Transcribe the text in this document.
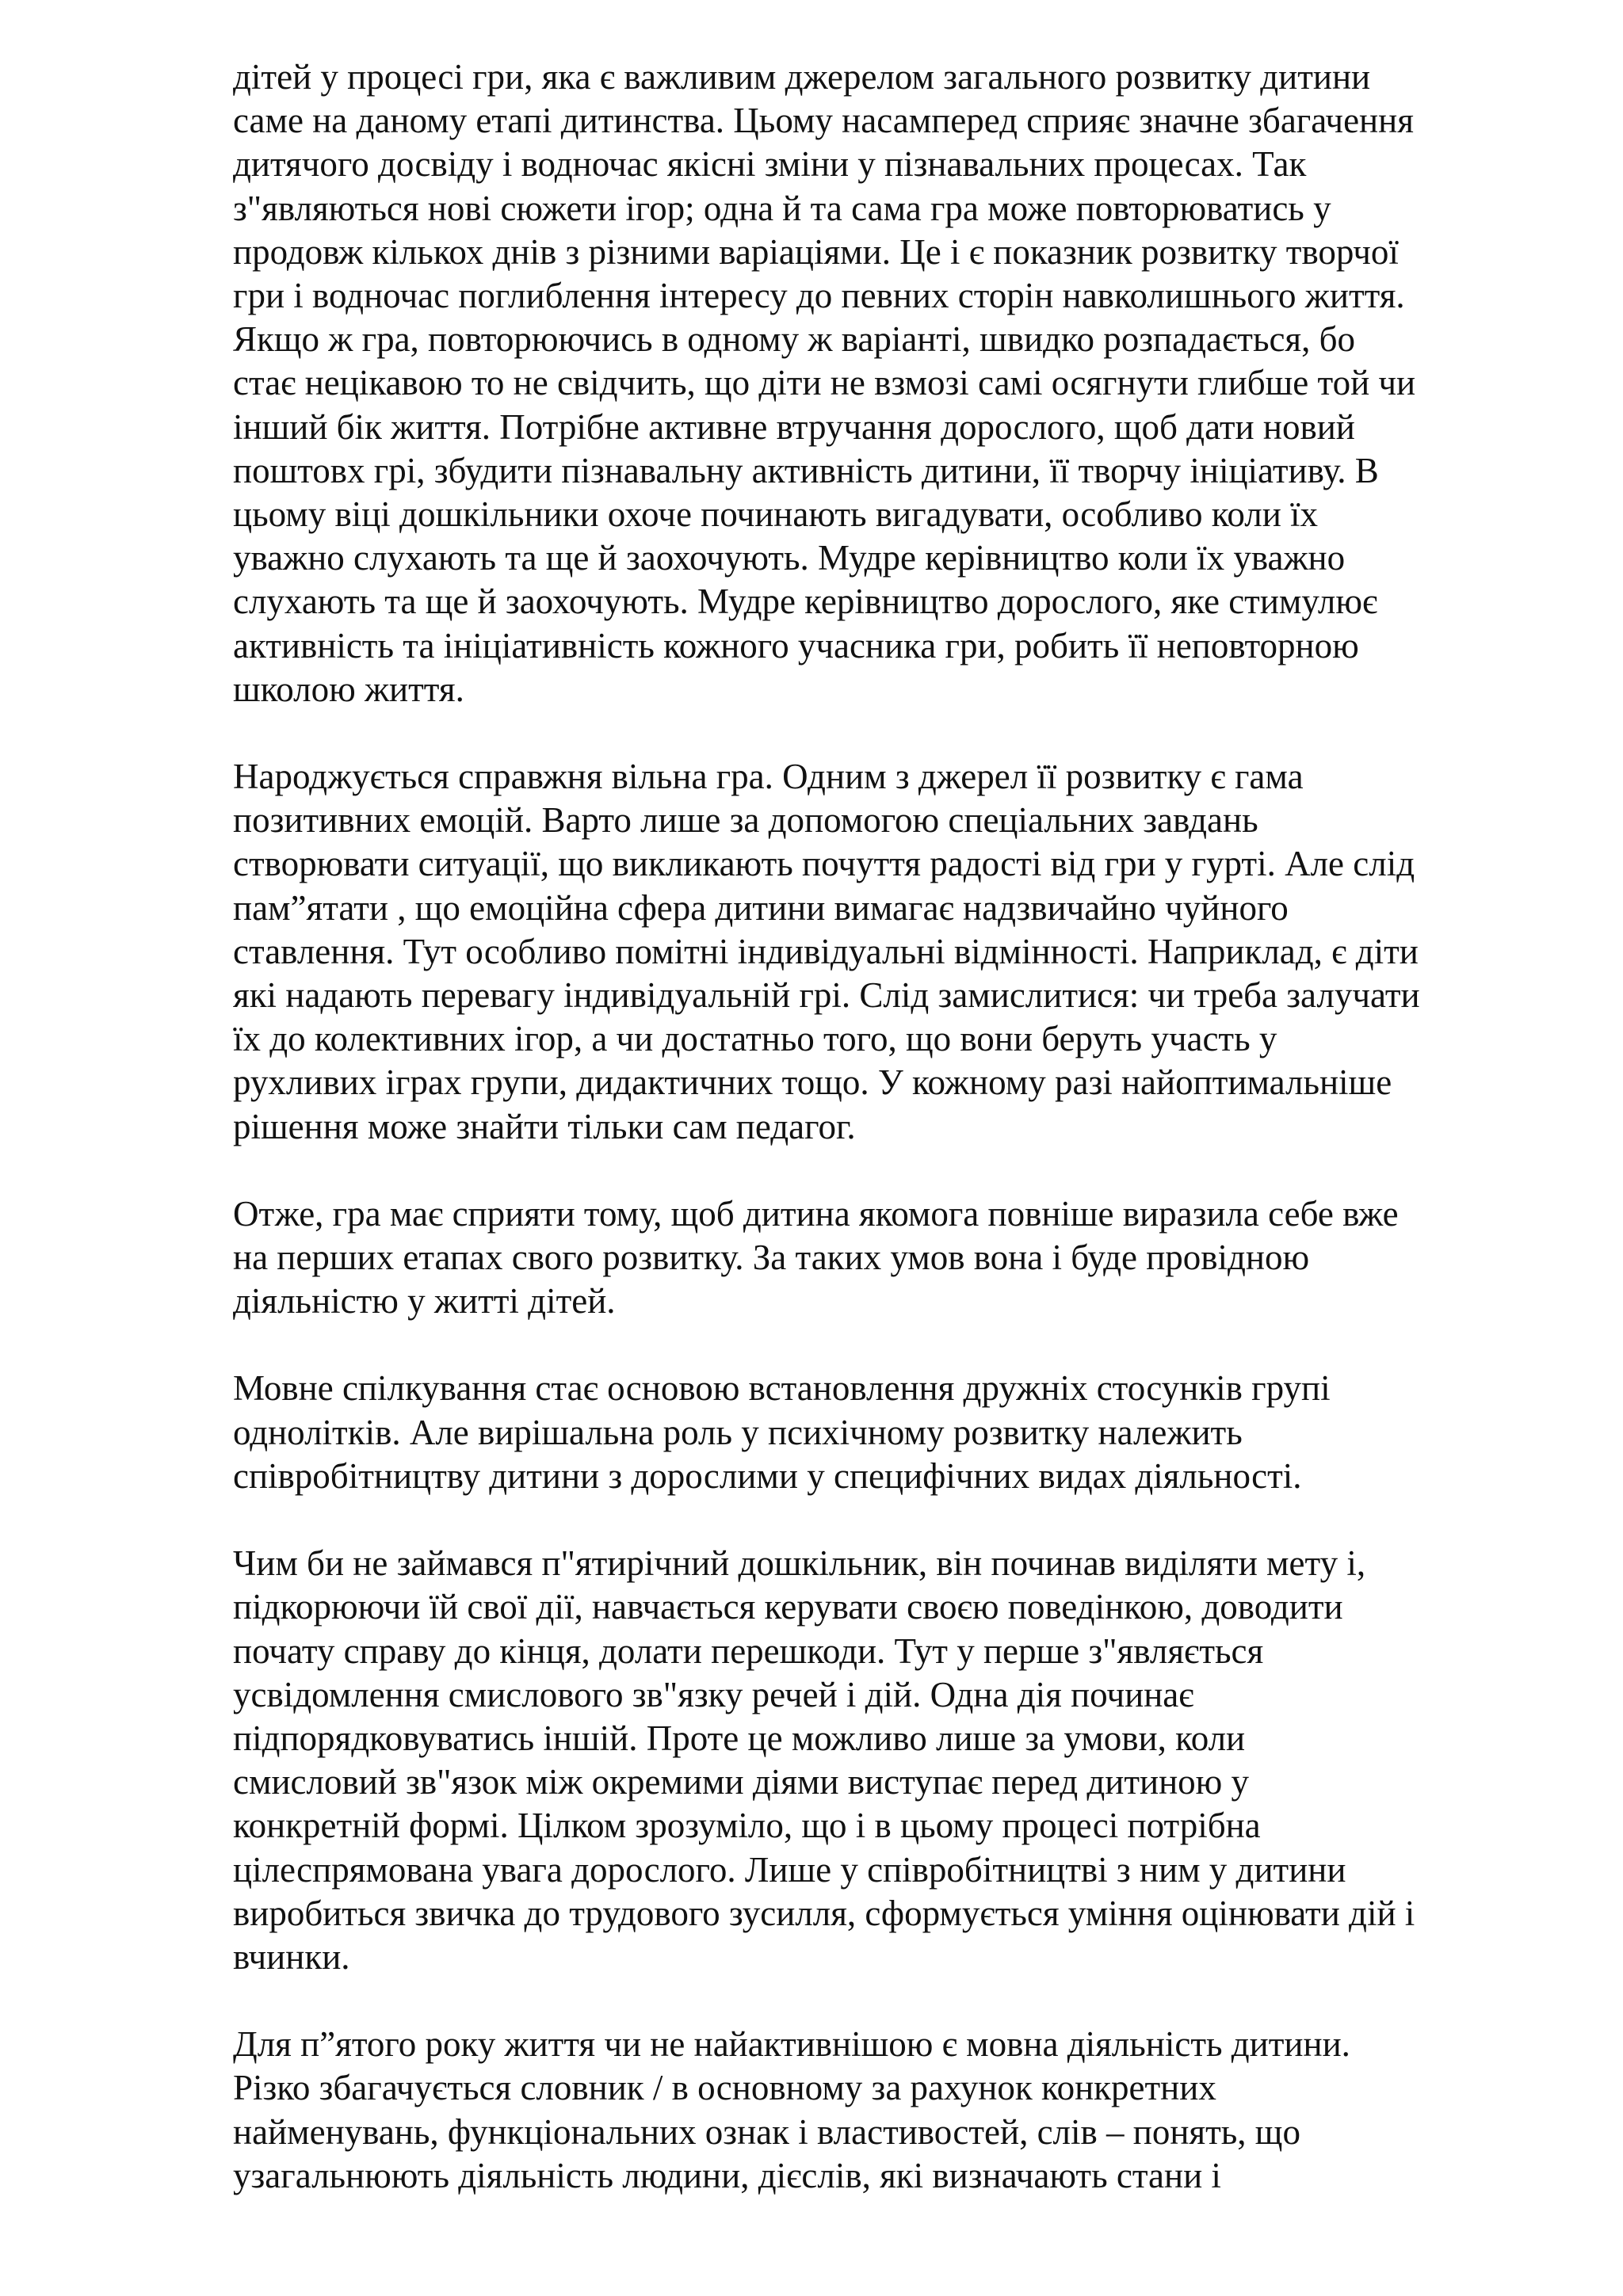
дітей у процесі гри, яка є важливим джерелом загального розвитку дитини
саме на даному етапі дитинства. Цьому насамперед сприяє значне збагачення
дитячого досвіду і водночас якісні зміни у пізнавальних процесах. Так
з"являються нові сюжети ігор; одна й та сама гра може повторюватись у
продовж кількох днів з різними варіаціями. Це і є показник розвитку творчої
гри і водночас поглиблення інтересу до певних сторін навколишнього життя.
Якщо ж гра, повторюючись в одному ж варіанті, швидко розпадається, бо
стає нецікавою то не свідчить, що діти не взмозі самі осягнути глибше той чи
інший бік життя. Потрібне активне втручання дорослого, щоб дати новий
поштовх грі, збудити пізнавальну активність дитини, її творчу ініціативу. В
цьому віці дошкільники охоче починають вигадувати, особливо коли їх
уважно слухають та ще й заохочують. Мудре керівництво коли їх уважно
слухають та ще й заохочують. Мудре керівництво дорослого, яке стимулює
активність та ініціативність кожного учасника гри, робить її неповторною
школою життя.

Народжується справжня вільна гра. Одним з джерел її розвитку є гама
позитивних емоцій. Варто лише за допомогою спеціальних завдань
створювати ситуації, що викликають почуття радості від гри у гурті. Але слід
пам”ятати , що емоційна сфера дитини вимагає надзвичайно чуйного
ставлення. Тут особливо помітні індивідуальні відмінності. Наприклад, є діти
які надають перевагу індивідуальній грі. Слід замислитися: чи треба залучати
їх до колективних ігор, а чи достатньо того, що вони беруть участь у
рухливих іграх групи, дидактичних тощо. У кожному разі найоптимальніше
рішення може знайти тільки сам педагог.

Отже, гра має сприяти тому, щоб дитина якомога повніше виразила себе вже
на перших етапах свого розвитку. За таких умов вона і буде провідною
діяльністю у житті дітей.

Мовне спілкування стає основою встановлення дружніх стосунків групі
однолітків. Але вирішальна роль у психічному розвитку належить
співробітництву дитини з дорослими у специфічних видах діяльності.

Чим би не займався п"ятирічний дошкільник, він починав виділяти мету і,
підкорюючи їй свої дії, навчається керувати своєю поведінкою, доводити
почату справу до кінця, долати перешкоди. Тут у перше з"являється
усвідомлення смислового зв"язку речей і дій. Одна дія починає
підпорядковуватись іншій. Проте це можливо лише за умови, коли
смисловий зв"язок між окремими діями виступає перед дитиною у
конкретній формі. Цілком зрозуміло, що і в цьому процесі потрібна
цілеспрямована увага дорослого. Лише у співробітництві з ним у дитини
виробиться звичка до трудового зусилля, сформується уміння оцінювати дій і
вчинки.

Для п”ятого року життя чи не найактивнішою є мовна діяльність дитини.
Різко збагачується словник / в основному за рахунок конкретних
найменувань, функціональних ознак і властивостей, слів – понять, що
узагальнюють діяльність людини, дієслів, які визначають стани і
